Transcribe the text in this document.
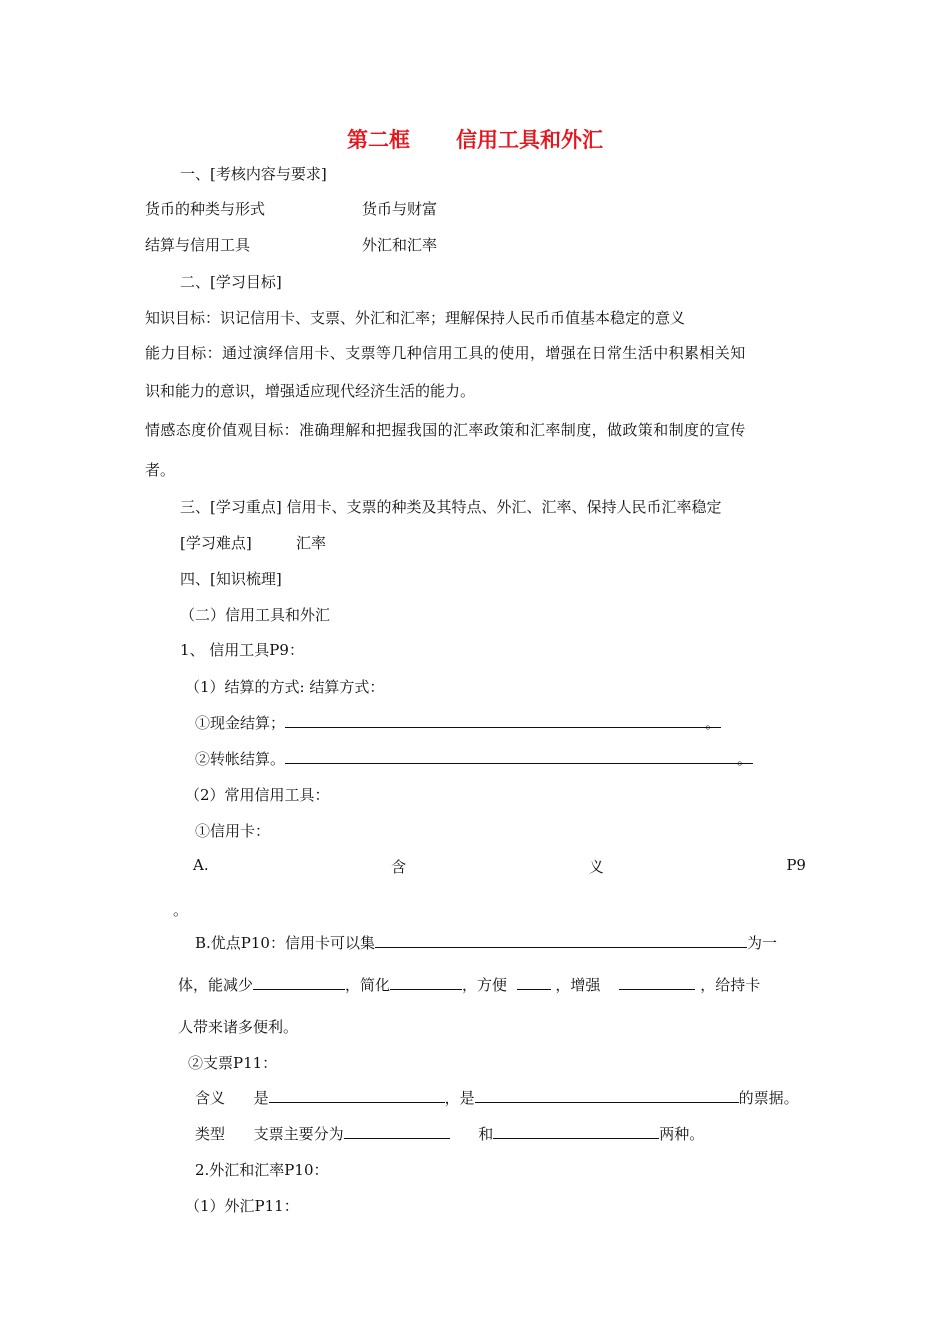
第二框 信用工具和外汇
一、[考核内容与要求]
货币的种类与形式	货币与财富
结算与信用工具	外汇和汇率
二、[学习目标]
知识目标：识记信用卡、支票、外汇和汇率；理解保持人民币币值基本稳定的意义
能力目标：通过演绎信用卡、支票等几种信用工具的使用，增强在日常生活中积累相关知
识和能力的意识，增强适应现代经济生活的能力。
情感态度价值观目标：准确理解和把握我国的汇率政策和汇率制度，做政策和制度的宣传
者。
三、[学习重点] 信用卡、支票的种类及其特点、外汇、汇率、保持人民币汇率稳定
[学习难点]	汇率
四、[知识梳理]
（二）信用工具和外汇
1、 信用工具P9：
（1）结算的方式: 结算方式：
①现金结算；	。
②转帐结算。	。
（2）常用信用工具：
①信用卡：
A.	含	义	P9
。
B.优点P10：信用卡可以集	为一
体，能减少	，简化	，方便	，增强	，给持卡
人带来诸多便利。
②支票P11：
含义 是	，是	的票据。
类型 支票主要分为	和	两种。
2.外汇和汇率P10：
（1）外汇P11：
